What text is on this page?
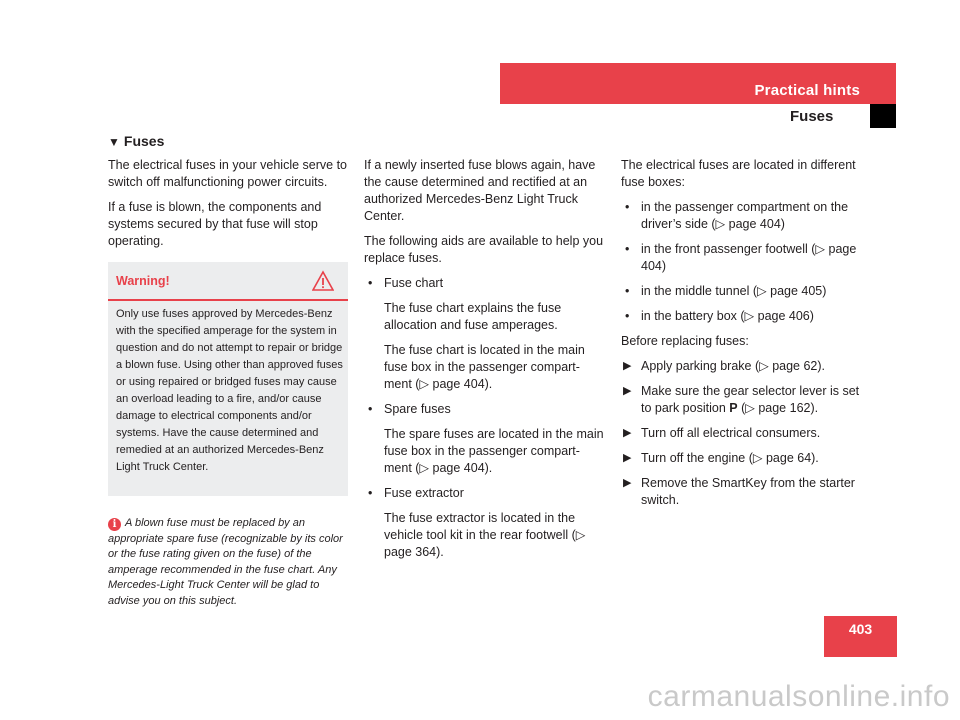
Practical hints
Fuses
▼ Fuses

The electrical fuses in your vehicle serve to switch off malfunctioning power circuits.

If a fuse is blown, the components and systems secured by that fuse will stop operating.

Warning!
Only use fuses approved by Mercedes-Benz with the specified amperage for the system in question and do not attempt to repair or bridge a blown fuse. Using other than approved fuses or using repaired or bridged fuses may cause an overload leading to a fire, and/or cause damage to electrical components and/or systems. Have the cause determined and remedied at an authorized Mercedes-Benz Light Truck Center.
i A blown fuse must be replaced by an appropriate spare fuse (recognizable by its color or the fuse rating given on the fuse) of the amperage recommended in the fuse chart. Any Mercedes-Light Truck Center will be glad to advise you on this subject.

If a newly inserted fuse blows again, have the cause determined and rectified at an authorized Mercedes-Benz Light Truck Center.

The following aids are available to help you replace fuses.

• Fuse chart

The fuse chart explains the fuse allocation and fuse amperages.

The fuse chart is located in the main fuse box in the passenger compart-ment (▷ page 404).

• Spare fuses

The spare fuses are located in the main fuse box in the passenger compart-ment (▷ page 404).

• Fuse extractor

The fuse extractor is located in the vehicle tool kit in the rear footwell (▷ page 364).

The electrical fuses are located in different fuse boxes:

• in the passenger compartment on the driver’s side (▷ page 404)
• in the front passenger footwell (▷ page 404)
• in the middle tunnel (▷ page 405)
• in the battery box (▷ page 406)

Before replacing fuses:

▶ Apply parking brake (▷ page 62).
▶ Make sure the gear selector lever is set to park position P (▷ page 162).
▶ Turn off all electrical consumers.
▶ Turn off the engine (▷ page 64).
▶ Remove the SmartKey from the starter switch.
403
carmanualsonline.info
